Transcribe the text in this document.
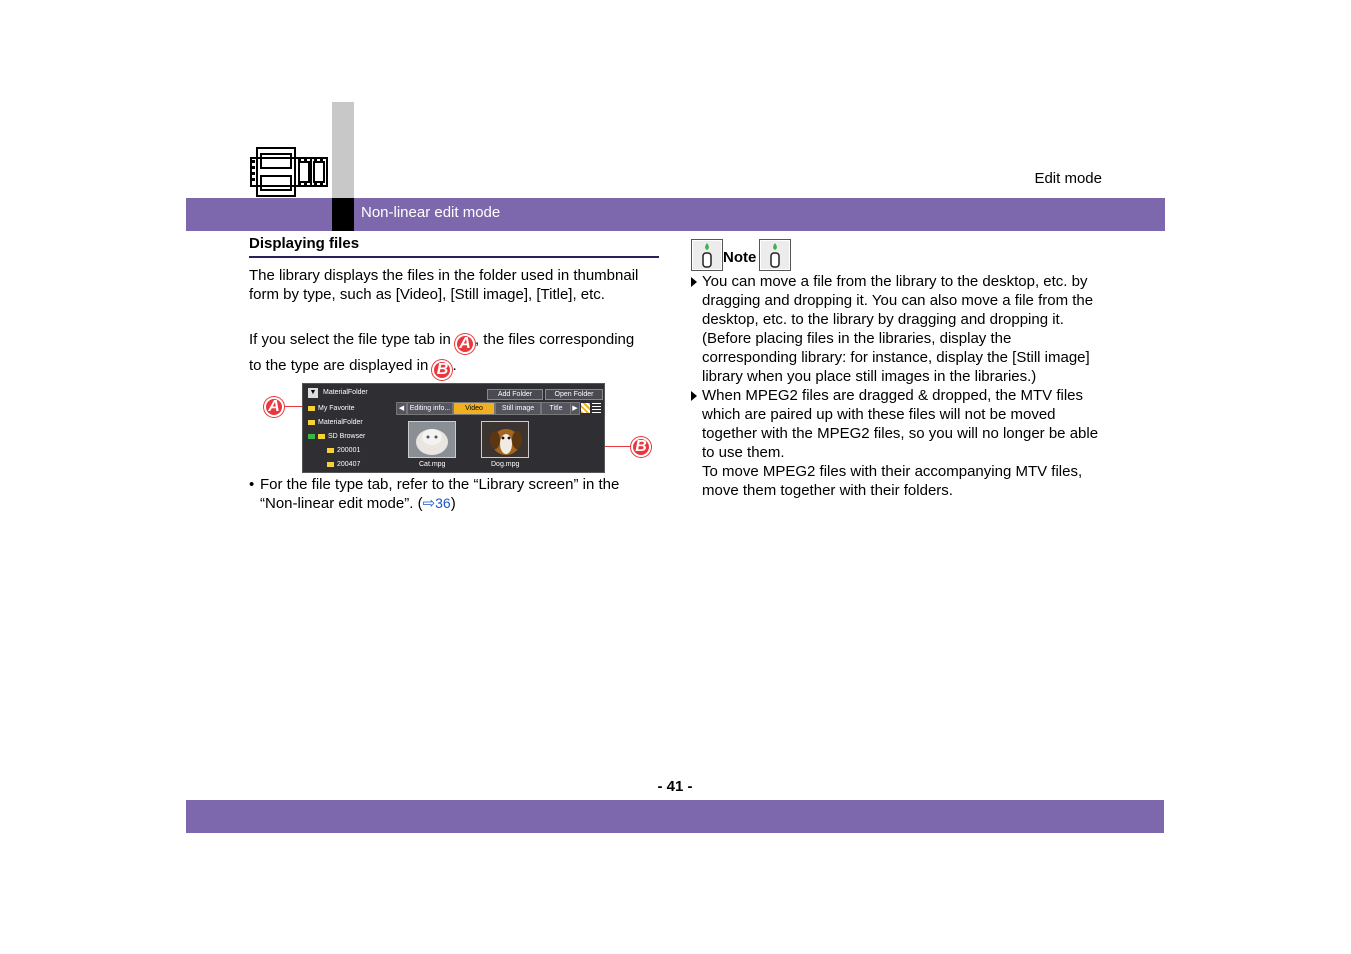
Edit mode
Non-linear edit mode
Displaying files
The library displays the files in the folder used in thumbnail form by type, such as [Video], [Still image], [Title], etc.
If you select the file type tab in A , the files corresponding
to the type are displayed in B .
A
B
▼ MaterialFolder	Add Folder	Open Folder
My Favorite
MaterialFolder
SD Browser
200001
200407
◀ Editing info...	Video	Still image	Title	▶
Cat.mpg	Dog.mpg
• For the file type tab, refer to the “Library screen” in the “Non-linear edit mode”. (⇨36)
Note
You can move a file from the library to the desktop, etc. by dragging and dropping it. You can also move a file from the desktop, etc. to the library by dragging and dropping it. (Before placing files in the libraries, display the corresponding library: for instance, display the [Still image] library when you place still images in the libraries.)
When MPEG2 files are dragged & dropped, the MTV files which are paired up with these files will not be moved together with the MPEG2 files, so you will no longer be able to use them.
To move MPEG2 files with their accompanying MTV files, move them together with their folders.
- 41 -
